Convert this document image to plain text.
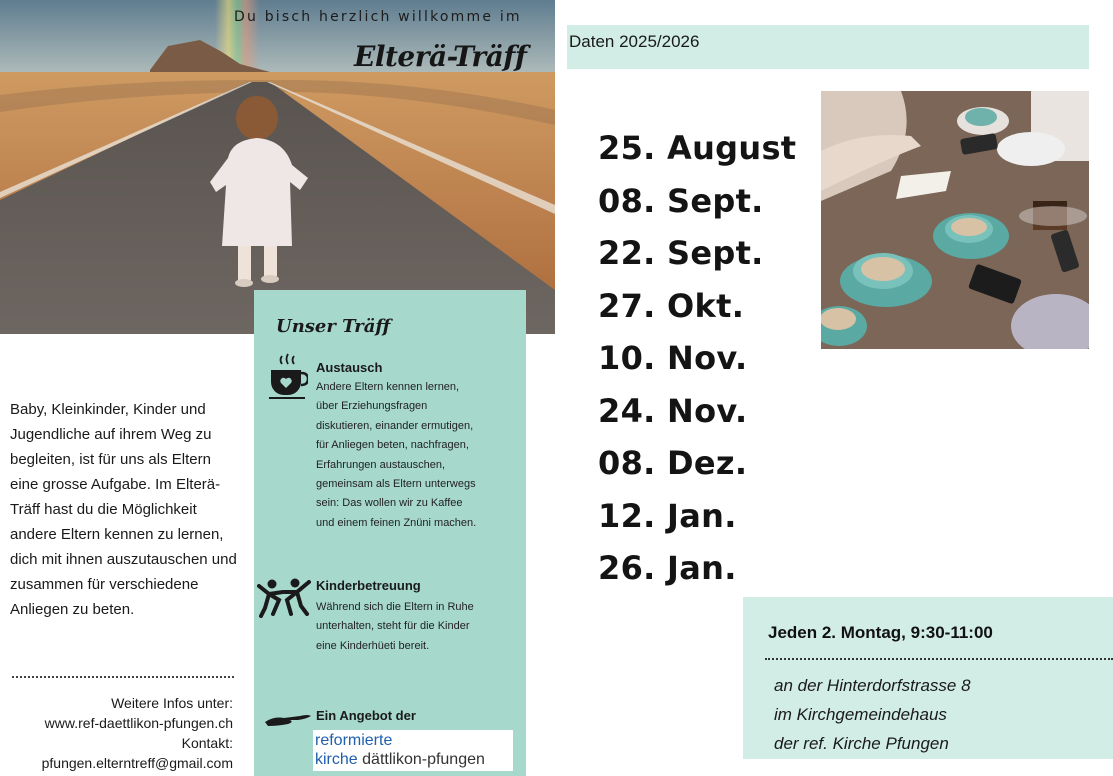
Du bisch herzlich willkomme im
Elterä-Träff
Unser Träff
Austausch
Andere Eltern kennen lernen,
über Erziehungsfragen
diskutieren, einander ermutigen,
für Anliegen beten, nachfragen,
Erfahrungen austauschen,
gemeinsam als Eltern unterwegs
sein: Das wollen wir zu Kaffee
und einem feinen Znüni machen.
Kinderbetreuung
Während sich die Eltern in Ruhe
unterhalten, steht für die Kinder
eine Kinderhüeti bereit.
Ein Angebot der
reformierte
kirche dättlikon-pfungen
Baby, Kleinkinder, Kinder und Jugendliche auf ihrem Weg zu begleiten, ist für uns als Eltern eine grosse Aufgabe. Im Elterä-Träff hast du die Möglichkeit andere Eltern kennen zu lernen, dich mit ihnen auszutauschen und zusammen für verschiedene Anliegen zu beten.
Weitere Infos unter:
www.ref-daettlikon-pfungen.ch
Kontakt:
pfungen.elterntreff@gmail.com
Daten 2025/2026
25. August
08. Sept.
22. Sept.
27. Okt.
10. Nov.
24. Nov.
08. Dez.
12. Jan.
26. Jan.
Jeden 2. Montag, 9:30-11:00
an der Hinterdorfstrasse 8
im Kirchgemeindehaus
der ref. Kirche Pfungen
